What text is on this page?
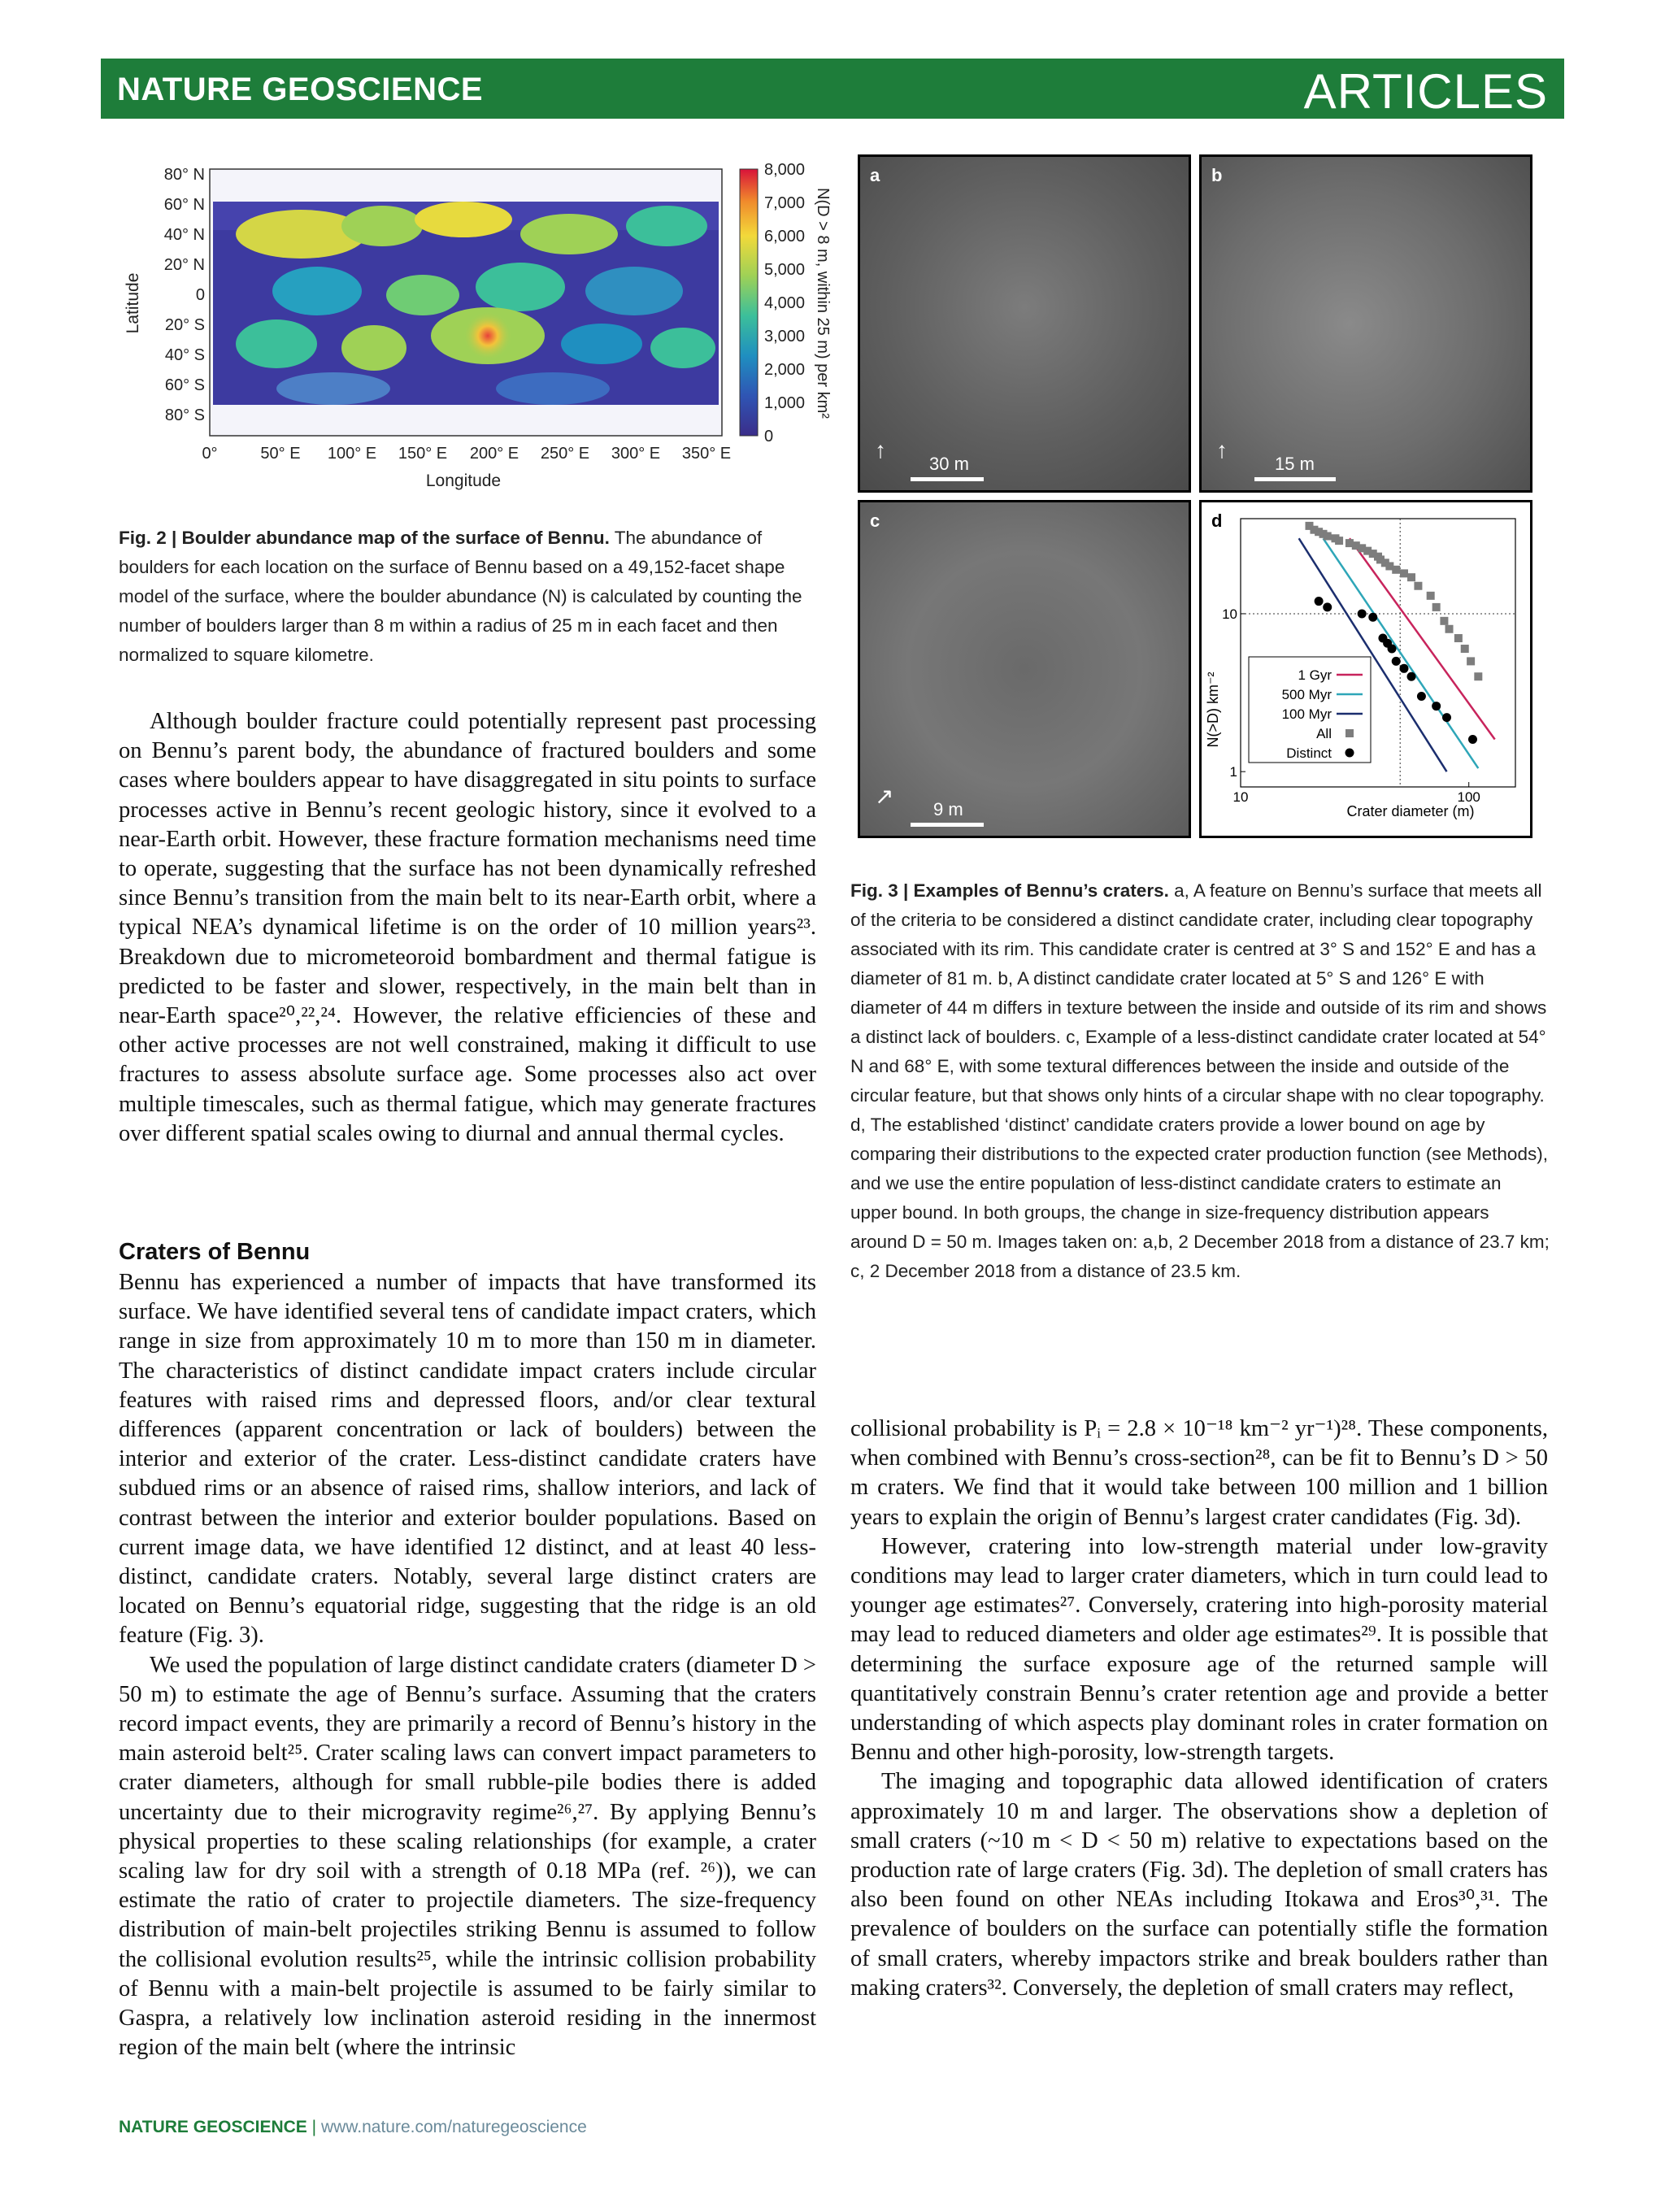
NATURE GEOSCIENCE	ARTICLES
80° N
60° N
40° N
20° N
0
20° S
40° S
60° S
80° S
0°	50° E 100° E 150° E 200° E 250° E 300° E 350° E
8,000
7,000
6,000
5,000
4,000
3,000
2,000
1,000
0
Longitude
Latitude	N(D > 8 m, within 25 m) per km²
Fig. 2 | Boulder abundance map of the surface of Bennu. The abundance of boulders for each location on the surface of Bennu based on a 49,152-facet shape model of the surface, where the boulder abundance (N) is calculated by counting the number of boulders larger than 8 m within a radius of 25 m in each facet and then normalized to square kilometre.
a
↑
30 m
b
↑
15 m
c
↗
9 m
d
10	100
1
10
Crater diameter (m)
N(>D) km⁻²	1 Gyr
500 Myr
100 Myr
All
Distinct
Fig. 3 | Examples of Bennu’s craters. a, A feature on Bennu’s surface that meets all of the criteria to be considered a distinct candidate crater, including clear topography associated with its rim. This candidate crater is centred at 3° S and 152° E and has a diameter of 81 m. b, A distinct candidate crater located at 5° S and 126° E with diameter of 44 m differs in texture between the inside and outside of its rim and shows a distinct lack of boulders. c, Example of a less-distinct candidate crater located at 54° N and 68° E, with some textural differences between the inside and outside of the circular feature, but that shows only hints of a circular shape with no clear topography. d, The established ‘distinct’ candidate craters provide a lower bound on age by comparing their distributions to the expected crater production function (see Methods), and we use the entire population of less-distinct candidate craters to estimate an upper bound. In both groups, the change in size-frequency distribution appears around D = 50 m. Images taken on: a,b, 2 December 2018 from a distance of 23.7 km; c, 2 December 2018 from a distance of 23.5 km.

Although boulder fracture could potentially represent past processing on Bennu’s parent body, the abundance of fractured boulders and some cases where boulders appear to have disaggregated in situ points to surface processes active in Bennu’s recent geologic history, since it evolved to a near-Earth orbit. However, these fracture formation mechanisms need time to operate, suggesting that the surface has not been dynamically refreshed since Bennu’s transition from the main belt to its near-Earth orbit, where a typical NEA’s dynamical lifetime is on the order of 10 million years²³. Breakdown due to micrometeoroid bombardment and thermal fatigue is predicted to be faster and slower, respectively, in the main belt than in near-Earth space²⁰,²²,²⁴. However, the relative efficiencies of these and other active processes are not well constrained, making it difficult to use fractures to assess absolute surface age. Some processes also act over multiple timescales, such as thermal fatigue, which may generate fractures over different spatial scales owing to diurnal and annual thermal cycles.

Craters of Bennu

Bennu has experienced a number of impacts that have transformed its surface. We have identified several tens of candidate impact craters, which range in size from approximately 10 m to more than 150 m in diameter. The characteristics of distinct candidate impact craters include circular features with raised rims and depressed floors, and/or clear textural differences (apparent concentration or lack of boulders) between the interior and exterior of the crater. Less-distinct candidate craters have subdued rims or an absence of raised rims, shallow interiors, and lack of contrast between the interior and exterior boulder populations. Based on current image data, we have identified 12 distinct, and at least 40 less-distinct, candidate craters. Notably, several large distinct craters are located on Bennu’s equatorial ridge, suggesting that the ridge is an old feature (Fig. 3).

We used the population of large distinct candidate craters (diameter D > 50 m) to estimate the age of Bennu’s surface. Assuming that the craters record impact events, they are primarily a record of Bennu’s history in the main asteroid belt²⁵. Crater scaling laws can convert impact parameters to crater diameters, although for small rubble-pile bodies there is added uncertainty due to their microgravity regime²⁶,²⁷. By applying Bennu’s physical properties to these scaling relationships (for example, a crater scaling law for dry soil with a strength of 0.18 MPa (ref. ²⁶)), we can estimate the ratio of crater to projectile diameters. The size-frequency distribution of main-belt projectiles striking Bennu is assumed to follow the collisional evolution results²⁵, while the intrinsic collision probability of Bennu with a main-belt projectile is assumed to be fairly similar to Gaspra, a relatively low inclination asteroid residing in the innermost region of the main belt (where the intrinsic

collisional probability is Pᵢ = 2.8 × 10⁻¹⁸ km⁻² yr⁻¹)²⁸. These components, when combined with Bennu’s cross-section²⁸, can be fit to Bennu’s D > 50 m craters. We find that it would take between 100 million and 1 billion years to explain the origin of Bennu’s largest crater candidates (Fig. 3d).

However, cratering into low-strength material under low-gravity conditions may lead to larger crater diameters, which in turn could lead to younger age estimates²⁷. Conversely, cratering into high-porosity material may lead to reduced diameters and older age estimates²⁹. It is possible that determining the surface exposure age of the returned sample will quantitatively constrain Bennu’s crater retention age and provide a better understanding of which aspects play dominant roles in crater formation on Bennu and other high-porosity, low-strength targets.

The imaging and topographic data allowed identification of craters approximately 10 m and larger. The observations show a depletion of small craters (~10 m < D < 50 m) relative to expectations based on the production rate of large craters (Fig. 3d). The depletion of small craters has also been found on other NEAs including Itokawa and Eros³⁰,³¹. The prevalence of boulders on the surface can potentially stifle the formation of small craters, whereby impactors strike and break boulders rather than making craters³². Conversely, the depletion of small craters may reflect,

NATURE GEOSCIENCE | www.nature.com/naturegeoscience
